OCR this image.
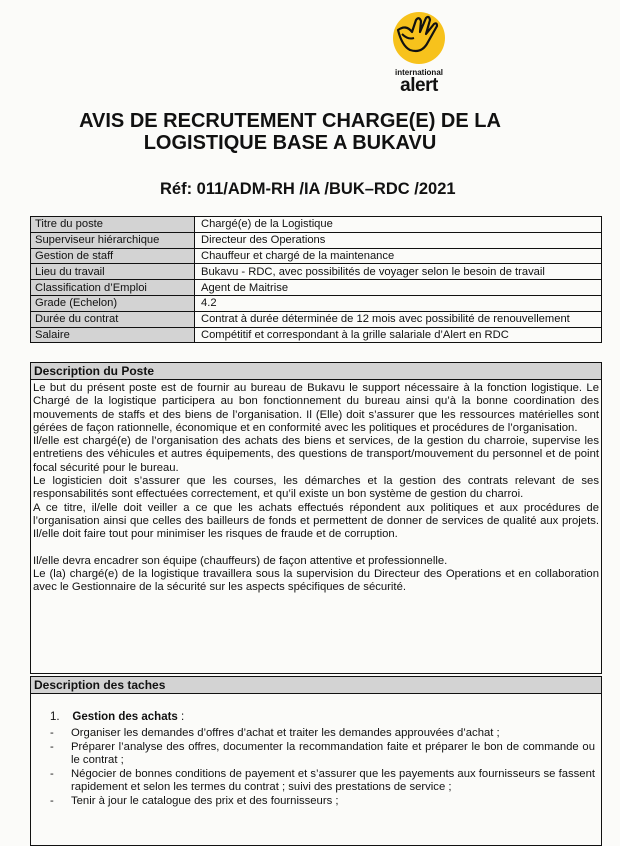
international
alert
AVIS DE RECRUTEMENT CHARGE(E) DE LA LOGISTIQUE BASE A BUKAVU
Réf: 011/ADM-RH /IA /BUK–RDC /2021
Titre du poste	Chargé(e) de la Logistique
Superviseur hiérarchique	Directeur des Operations
Gestion de staff	Chauffeur et chargé de la maintenance
Lieu du travail	Bukavu - RDC, avec possibilités de voyager selon le besoin de travail
Classification d’Emploi	Agent de Maitrise
Grade (Echelon)	4.2
Durée du contrat	Contrat à durée déterminée de 12 mois avec possibilité de renouvellement
Salaire	Compétitif et correspondant à la grille salariale d’Alert en RDC
Description du Poste

Le but du présent poste est de fournir au bureau de Bukavu le support nécessaire à la fonction logistique. Le Chargé de la logistique participera au bon fonctionnement du bureau ainsi qu’à la bonne coordination des mouvements de staffs et des biens de l’organisation. Il (Elle) doit s’assurer que les ressources matérielles sont gérées de façon rationnelle, économique et en conformité avec les politiques et procédures de l’organisation.

Il/elle est chargé(e) de l’organisation des achats des biens et services, de la gestion du charroie, supervise les entretiens des véhicules et autres équipements, des questions de transport/mouvement du personnel et de point focal sécurité pour le bureau.

Le logisticien doit s’assurer que les courses, les démarches et la gestion des contrats relevant de ses responsabilités sont effectuées correctement, et qu’il existe un bon système de gestion du charroi.

A ce titre, il/elle doit veiller a ce que les achats effectués répondent aux politiques et aux procédures de l’organisation ainsi que celles des bailleurs de fonds et permettent de donner de services de qualité aux projets. Il/elle doit faire tout pour minimiser les risques de fraude et de corruption.

Il/elle devra encadrer son équipe (chauffeurs) de façon attentive et professionnelle.

Le (la) chargé(e) de la logistique travaillera sous la supervision du Directeur des Operations et en collaboration avec le Gestionnaire de la sécurité sur les aspects spécifiques de sécurité.

Description des taches
1. Gestion des achats :
- Organiser les demandes d’offres d’achat et traiter les demandes approuvées d’achat ;
- Préparer l’analyse des offres, documenter la recommandation faite et préparer le bon de commande ou le contrat ;
- Négocier de bonnes conditions de payement et s’assurer que les payements aux fournisseurs se fassent rapidement et selon les termes du contrat ; suivi des prestations de service ;
- Tenir à jour le catalogue des prix et des fournisseurs ;
